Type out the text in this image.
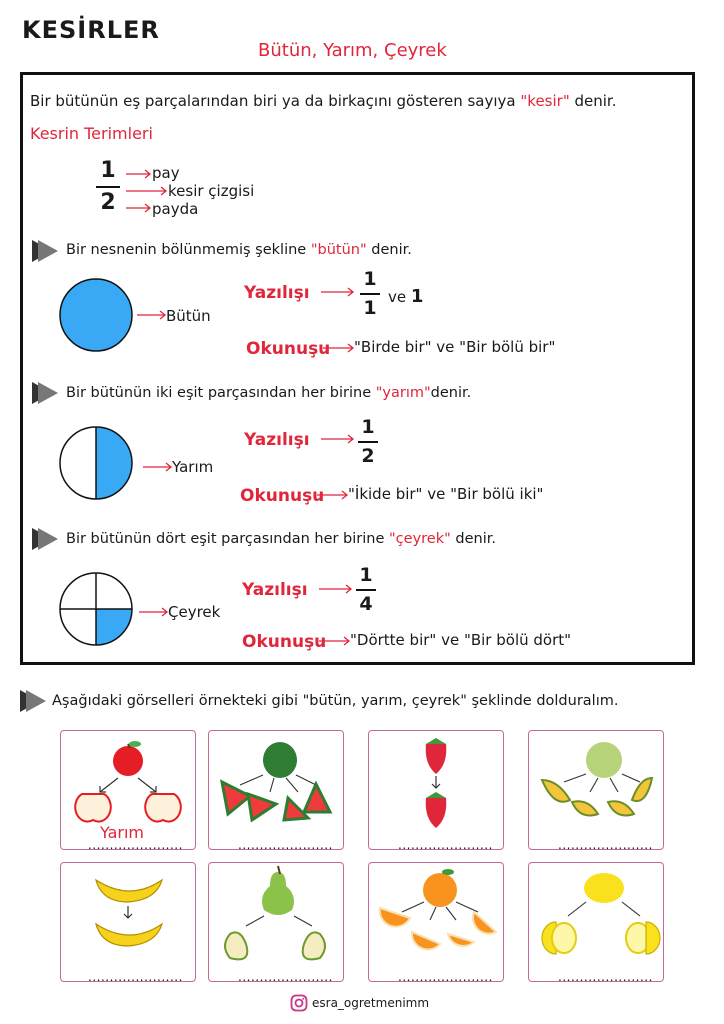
KESİRLER
Bütün, Yarım, Çeyrek
Bir bütünün eş parçalarından biri ya da birkaçını gösteren sayıya "kesir" denir.
Kesrin Terimleri
$\frac{1}{2}$ pay
kesir çizgisi
payda
Bir nesnenin bölünmemiş şekline "bütün" denir.
Bütün
Yazılışı	$\frac{1}{1}$ ve 1
Okunuşu "Birde bir" ve "Bir bölü bir"
Bir bütünün iki eşit parçasından her birine "yarım"denir.
Yarım
Yazılışı	$\frac{1}{2}$
Okunuşu "İkide bir" ve "Bir bölü iki"
Bir bütünün dört eşit parçasından her birine "çeyrek" denir.
Çeyrek
Yazılışı	$\frac{1}{4}$
Okunuşu "Dörtte bir" ve "Bir bölü dört"
Aşağıdaki görselleri örnekteki gibi "bütün, yarım, çeyrek" şeklinde dolduralım.
Yarım
......................	......................	......................	......................
......................	......................	......................	......................
esra_ogretmenimm
